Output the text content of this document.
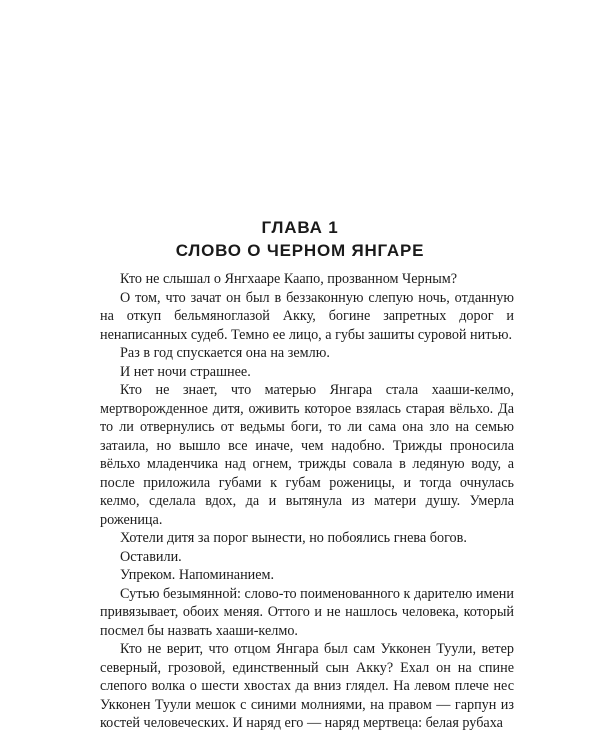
ГЛАВА 1
СЛОВО О ЧЕРНОМ ЯНГАРЕ

Кто не слышал о Янгхааре Каапо, прозванном Черным?

О том, что зачат он был в беззаконную слепую ночь, отданную на откуп бельмяноглазой Акку, богине запретных дорог и ненаписанных судеб. Темно ее лицо, а губы зашиты суровой нитью.

Раз в год спускается она на землю.

И нет ночи страшнее.

Кто не знает, что матерью Янгара стала хааши-келмо, мертворожденное дитя, оживить которое взялась старая вёльхо. Да то ли отвернулись от ведьмы боги, то ли сама она зло на семью затаила, но вышло все иначе, чем надобно. Трижды проносила вёльхо младенчика над огнем, трижды совала в ледяную воду, а после приложила губами к губам роженицы, и тогда очнулась келмо, сделала вдох, да и вытянула из матери душу. Умерла роженица.

Хотели дитя за порог вынести, но побоялись гнева богов.

Оставили.

Упреком. Напоминанием.

Сутью безымянной: слово-то поименованного к дарителю имени привязывает, обоих меняя. Оттого и не нашлось человека, который посмел бы назвать хааши-келмо.

Кто не верит, что отцом Янгара был сам Укконен Туули, ветер северный, грозовой, единственный сын Акку? Ехал он на спине слепого волка о шести хвостах да вниз глядел. На левом плече нес Укконен Туули мешок с синими молниями, на правом — гарпун из костей человеческих. И наряд его — наряд мертвеца: белая рубаха
